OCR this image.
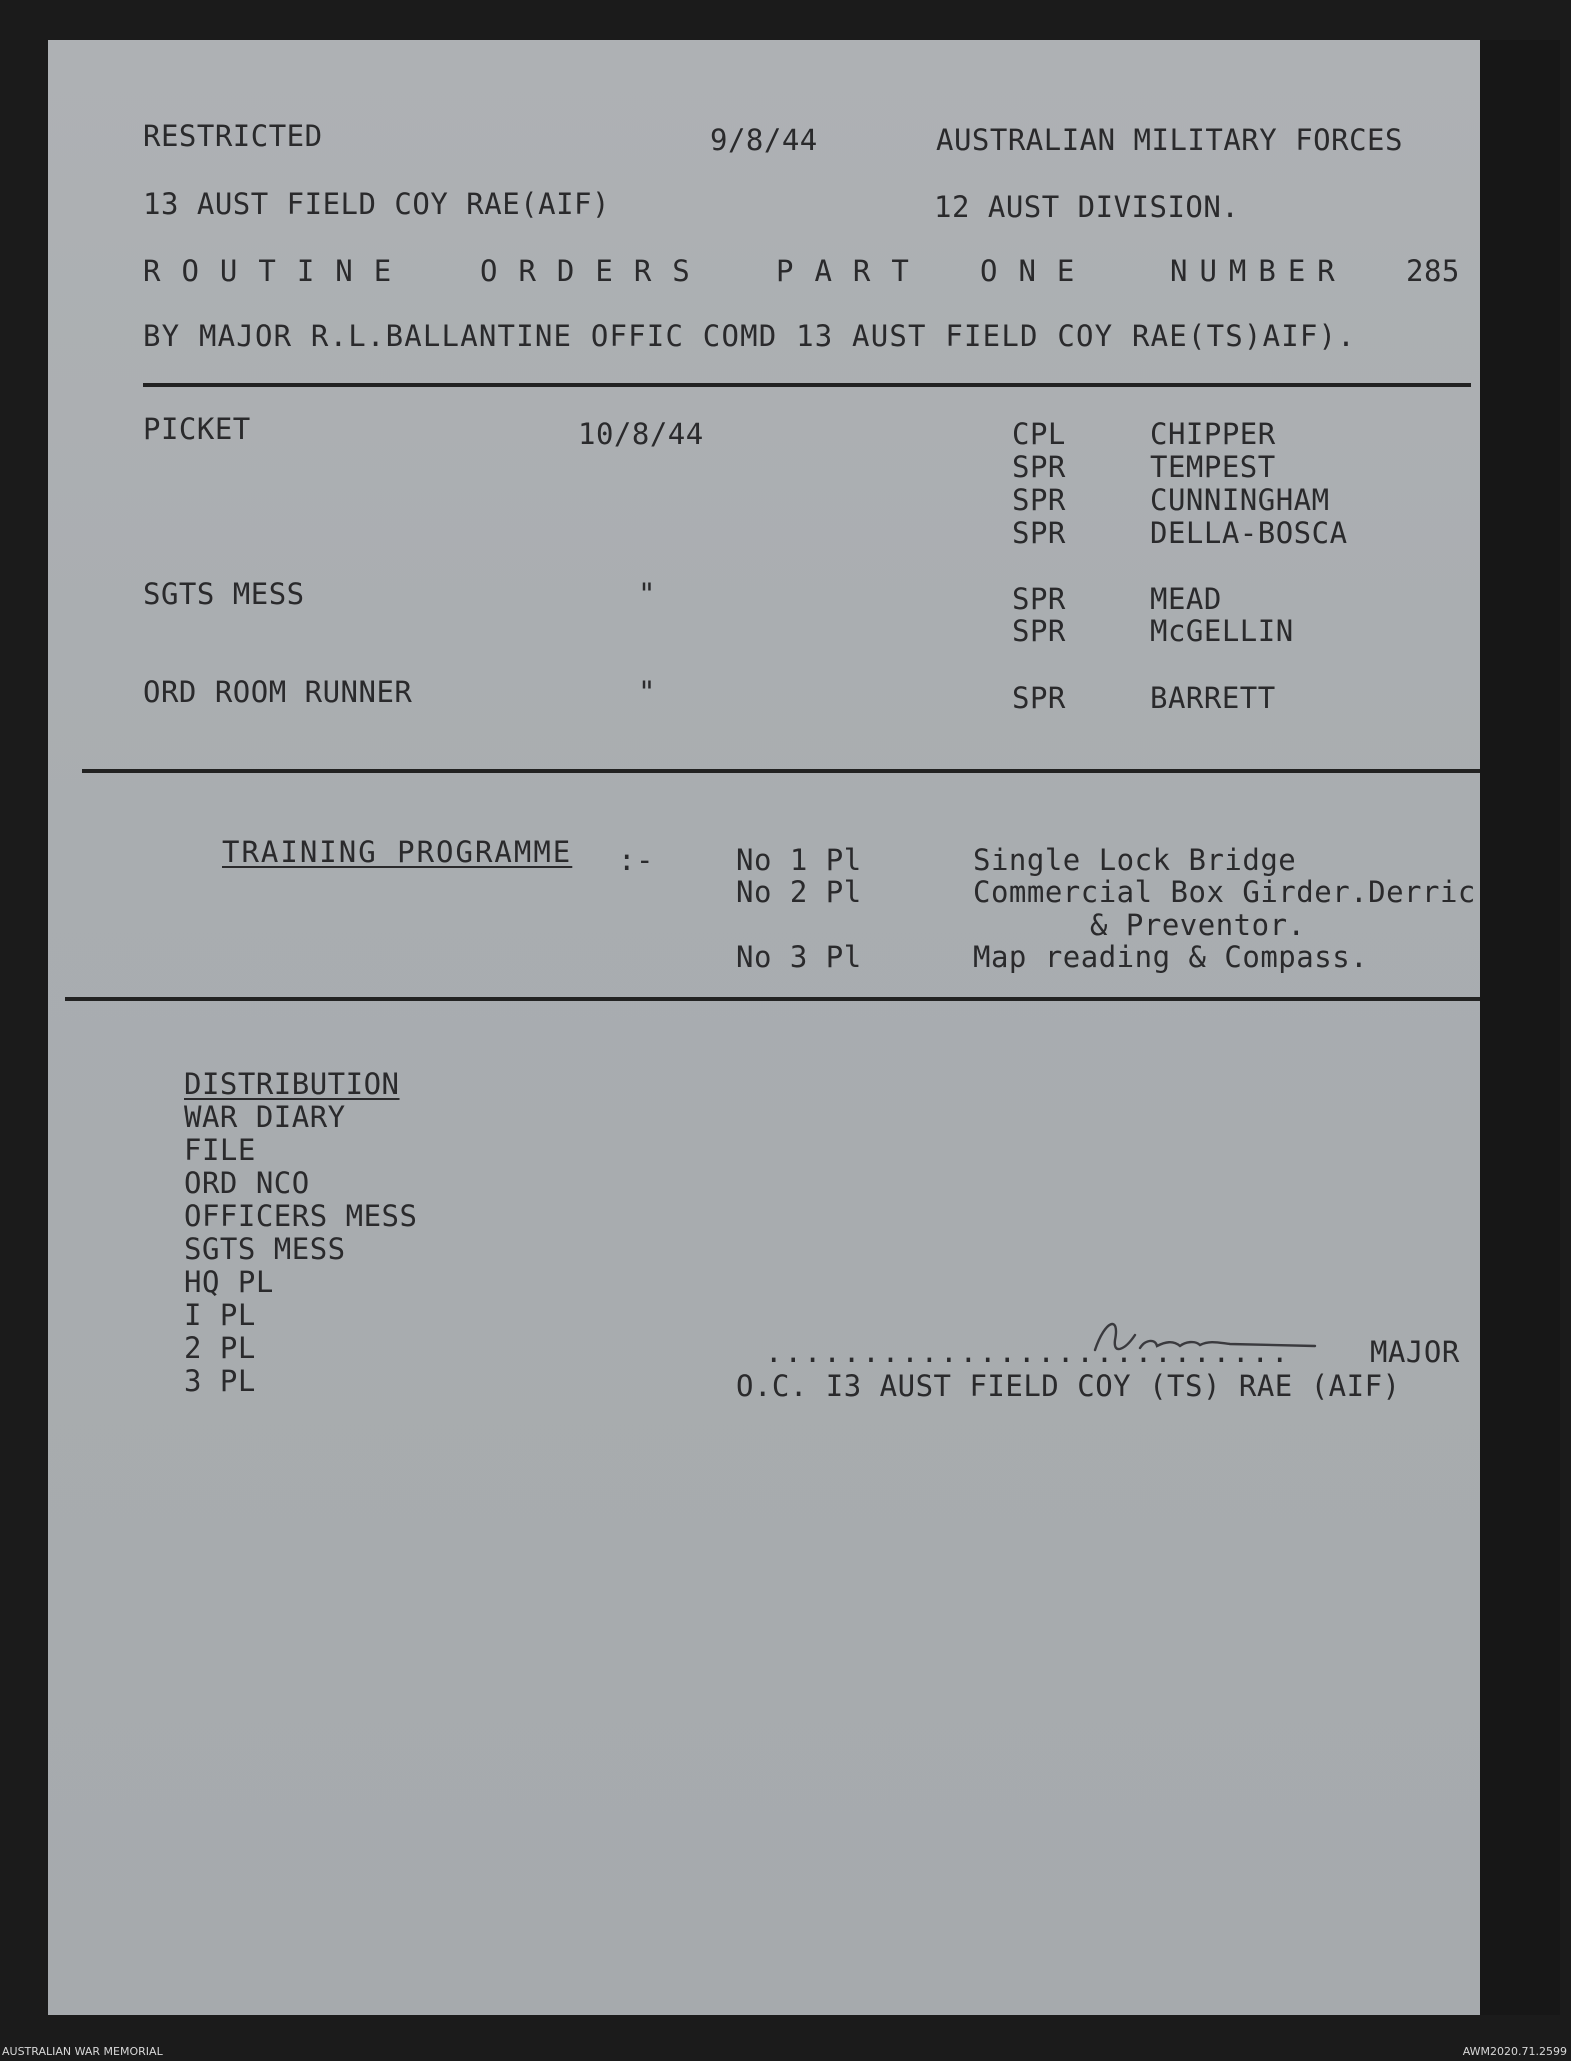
RESTRICTED	9/8/44	AUSTRALIAN MILITARY FORCES
13 AUST FIELD COY RAE(AIF)	12 AUST DIVISION.
ROUTINE ORDERS PART ONE	NUMBER 285
BY MAJOR R.L.BALLANTINE OFFIC COMD 13 AUST FIELD COY RAE(TS)AIF).
PICKET	10/8/44	CPL	CHIPPER
SPR	TEMPEST
SPR	CUNNINGHAM
SPR	DELLA-BOSCA
SGTS MESS	"	SPR	MEAD
SPR	McGELLIN
ORD ROOM RUNNER	"	SPR	BARRETT
TRAINING PROGRAMME :-	No 1 Pl	Single Lock Bridge
No 2 Pl	Commercial Box Girder.Derric
& Preventor.
No 3 Pl	Map reading & Compass.
DISTRIBUTION
WAR DIARY
FILE
ORD NCO
OFFICERS MESS
SGTS MESS
HQ PL
I PL
2 PL
3 PL
...........................	MAJOR
O.C. I3 AUST FIELD COY (TS) RAE (AIF)
AUSTRALIAN WAR MEMORIAL	AWM2020.71.2599
